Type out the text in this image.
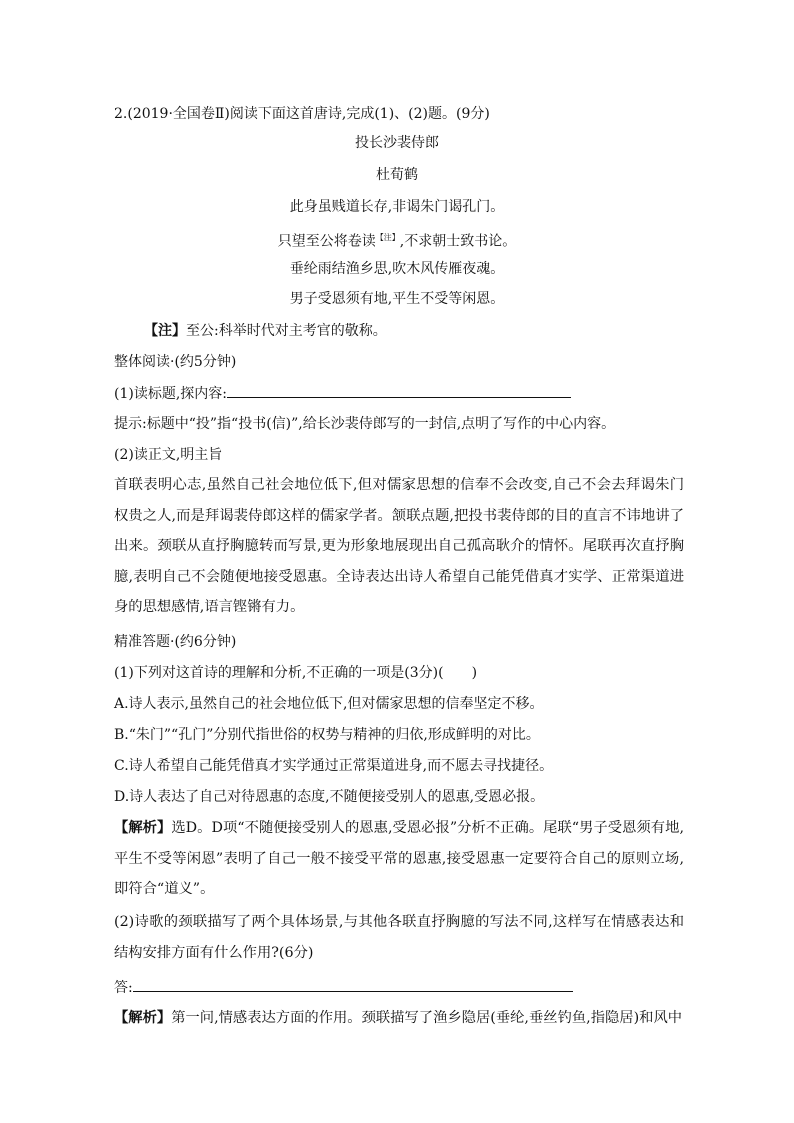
2.(2019·全国卷Ⅱ)阅读下面这首唐诗,完成(1)、(2)题。(9分)
投长沙裴侍郎
杜荀鹤
此身虽贱道长存,非谒朱门谒孔门。
只望至公将卷读$^{【注】}$,不求朝士致书论。
垂纶雨结渔乡思,吹木风传雁夜魂。
男子受恩须有地,平生不受等闲恩。
【注】至公:科举时代对主考官的敬称。
整体阅读·(约5分钟)
(1)读标题,探内容:
提示:标题中“投”指“投书(信)”,给长沙裴侍郎写的一封信,点明了写作的中心内容。
(2)读正文,明主旨
首联表明心志,虽然自己社会地位低下,但对儒家思想的信奉不会改变,自己不会去拜谒朱门权贵之人,而是拜谒裴侍郎这样的儒家学者。颔联点题,把投书裴侍郎的目的直言不讳地讲了出来。颈联从直抒胸臆转而写景,更为形象地展现出自己孤高耿介的情怀。尾联再次直抒胸臆,表明自己不会随便地接受恩惠。全诗表达出诗人希望自己能凭借真才实学、正常渠道进身的思想感情,语言铿锵有力。
精准答题·(约6分钟)
(1)下列对这首诗的理解和分析,不正确的一项是(3分)(　　)
A.诗人表示,虽然自己的社会地位低下,但对儒家思想的信奉坚定不移。
B.“朱门”“孔门”分别代指世俗的权势与精神的归依,形成鲜明的对比。
C.诗人希望自己能凭借真才实学通过正常渠道进身,而不愿去寻找捷径。
D.诗人表达了自己对待恩惠的态度,不随便接受别人的恩惠,受恩必报。
【解析】选D。D项“不随便接受别人的恩惠,受恩必报”分析不正确。尾联“男子受恩须有地,平生不受等闲恩”表明了自己一般不接受平常的恩惠,接受恩惠一定要符合自己的原则立场,即符合“道义”。
(2)诗歌的颈联描写了两个具体场景,与其他各联直抒胸臆的写法不同,这样写在情感表达和结构安排方面有什么作用?(6分)
答:
【解析】第一问,情感表达方面的作用。颈联描写了渔乡隐居(垂纶,垂丝钓鱼,指隐居)和风中
